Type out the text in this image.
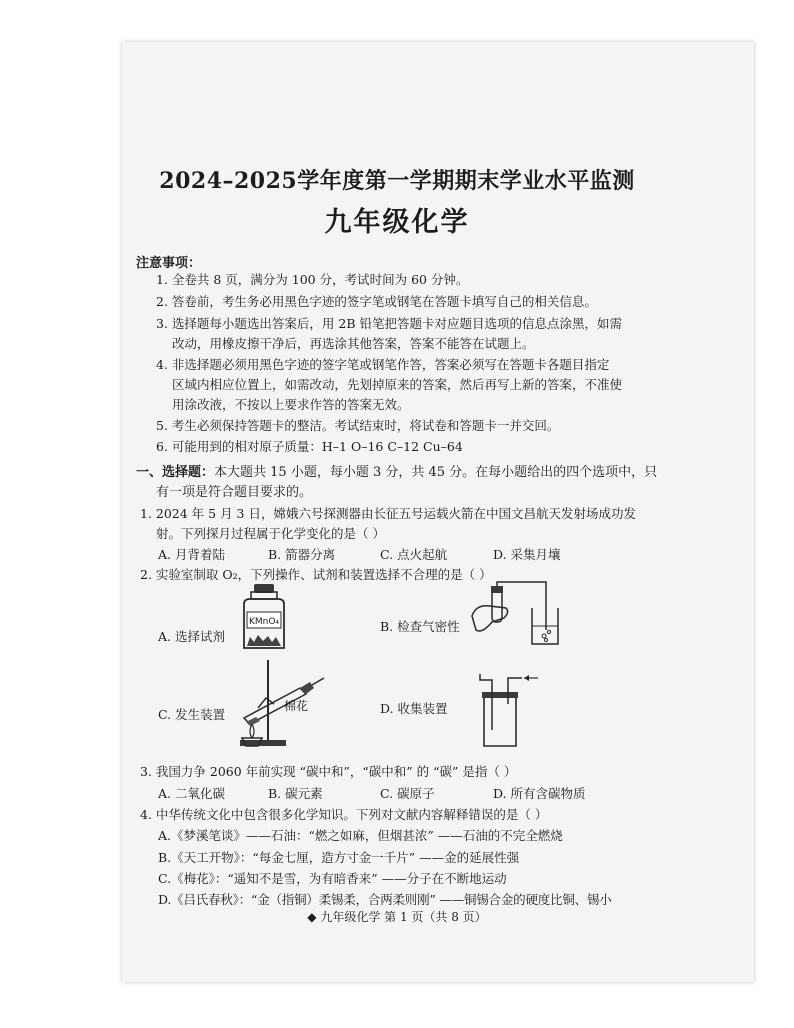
2024–2025学年度第一学期期末学业水平监测
九年级化学
注意事项：
1. 全卷共 8 页，满分为 100 分，考试时间为 60 分钟。
2. 答卷前，考生务必用黑色字迹的签字笔或钢笔在答题卡填写自己的相关信息。
3. 选择题每小题选出答案后，用 2B 铅笔把答题卡对应题目选项的信息点涂黑，如需
改动，用橡皮擦干净后，再选涂其他答案，答案不能答在试题上。
4. 非选择题必须用黑色字迹的签字笔或钢笔作答，答案必须写在答题卡各题目指定
区域内相应位置上，如需改动，先划掉原来的答案，然后再写上新的答案，不准使
用涂改液，不按以上要求作答的答案无效。
5. 考生必须保持答题卡的整洁。考试结束时，将试卷和答题卡一并交回。
6. 可能用到的相对原子质量：H–1 O–16 C–12 Cu–64
一、选择题：本大题共 15 小题，每小题 3 分，共 45 分。在每小题给出的四个选项中，只
有一项是符合题目要求的。
1. 2024 年 5 月 3 日，嫦娥六号探测器由长征五号运载火箭在中国文昌航天发射场成功发
射。下列探月过程属于化学变化的是（ ）
A. 月背着陆	B. 箭器分离	C. 点火起航	D. 采集月壤
2. 实验室制取 O₂，下列操作、试剂和装置选择不合理的是（ ）
A. 选择试剂
B. 检查气密性
C. 发生装置	D. 收集装置
KMnO₄
棉花
3. 我国力争 2060 年前实现 “碳中和”，“碳中和” 的 “碳” 是指（ ）
A. 二氧化碳	B. 碳元素	C. 碳原子	D. 所有含碳物质
4. 中华传统文化中包含很多化学知识。下列对文献内容解释错误的是（ ）
A.《梦溪笔谈》——石油：“燃之如麻，但烟甚浓” ——石油的不完全燃烧
B.《天工开物》：“每金七厘，造方寸金一千片” ——金的延展性强
C.《梅花》：“遥知不是雪，为有暗香来” ——分子在不断地运动
D.《吕氏春秋》：“金（指铜）柔锡柔，合两柔则刚” ——铜锡合金的硬度比铜、锡小
◆ 九年级化学 第 1 页（共 8 页）
